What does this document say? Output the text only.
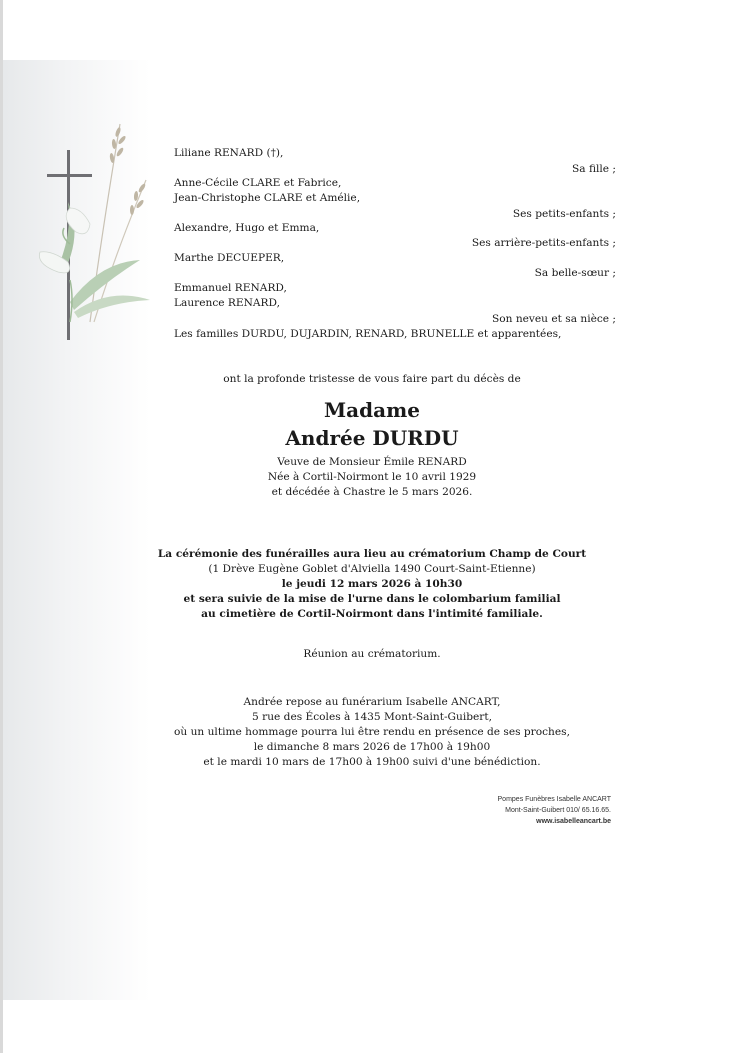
Liliane RENARD (†),
Sa fille ;
Anne-Cécile CLARE et Fabrice,
Jean-Christophe CLARE et Amélie,
Ses petits-enfants ;
Alexandre, Hugo et Emma,
Ses arrière-petits-enfants ;
Marthe DECUEPER,
Sa belle-sœur ;
Emmanuel RENARD,
Laurence RENARD,
Son neveu et sa nièce ;
Les familles DURDU, DUJARDIN, RENARD, BRUNELLE et apparentées,
ont la profonde tristesse de vous faire part du décès de
Madame
Andrée DURDU
Veuve de Monsieur Émile RENARD
Née à Cortil-Noirmont le 10 avril 1929
et décédée à Chastre le 5 mars 2026.
La cérémonie des funérailles aura lieu au crématorium Champ de Court
(1 Drève Eugène Goblet d'Alviella 1490 Court-Saint-Etienne)
le jeudi 12 mars 2026 à 10h30
et sera suivie de la mise de l'urne dans le colombarium familial
au cimetière de Cortil-Noirmont dans l'intimité familiale.
Réunion au crématorium.
Andrée repose au funérarium Isabelle ANCART,
5 rue des Écoles à 1435 Mont-Saint-Guibert,
où un ultime hommage pourra lui être rendu en présence de ses proches,
le dimanche 8 mars 2026 de 17h00 à 19h00
et le mardi 10 mars de 17h00 à 19h00 suivi d'une bénédiction.
Pompes Funèbres Isabelle ANCART
Mont-Saint-Guibert 010/ 65.16.65.
www.isabelleancart.be
